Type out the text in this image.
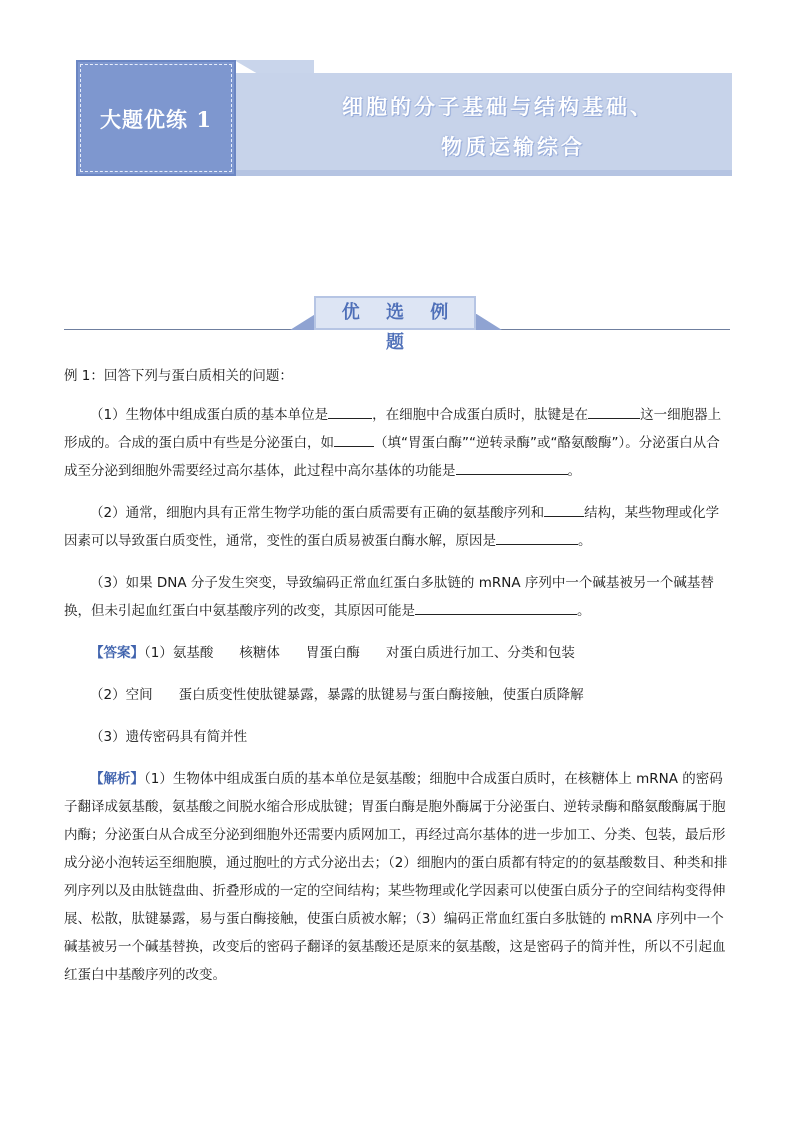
大题优练 1
细胞的分子基础与结构基础、
物质运输综合
优 选 例 题

例 1：回答下列与蛋白质相关的问题：

（1）生物体中组成蛋白质的基本单位是	，在细胞中合成蛋白质时，肽键是在	这一细胞器上形成的。合成的蛋白质中有些是分泌蛋白，如	（填“胃蛋白酶”“逆转录酶”或“酪氨酸酶”）。分泌蛋白从合成至分泌到细胞外需要经过高尔基体，此过程中高尔基体的功能是	。

（2）通常，细胞内具有正常生物学功能的蛋白质需要有正确的氨基酸序列和	结构，某些物理或化学因素可以导致蛋白质变性，通常，变性的蛋白质易被蛋白酶水解，原因是	。

（3）如果 DNA 分子发生突变，导致编码正常血红蛋白多肽链的 mRNA 序列中一个碱基被另一个碱基替换，但未引起血红蛋白中氨基酸序列的改变，其原因可能是	。

【答案】（1）氨基酸 核糖体 胃蛋白酶 对蛋白质进行加工、分类和包装

（2）空间 蛋白质变性使肽键暴露，暴露的肽键易与蛋白酶接触，使蛋白质降解

（3）遗传密码具有简并性

【解析】（1）生物体中组成蛋白质的基本单位是氨基酸；细胞中合成蛋白质时，在核糖体上 mRNA 的密码子翻译成氨基酸，氨基酸之间脱水缩合形成肽键；胃蛋白酶是胞外酶属于分泌蛋白、逆转录酶和酪氨酸酶属于胞内酶；分泌蛋白从合成至分泌到细胞外还需要内质网加工，再经过高尔基体的进一步加工、分类、包装，最后形成分泌小泡转运至细胞膜，通过胞吐的方式分泌出去；（2）细胞内的蛋白质都有特定的的氨基酸数目、种类和排列序列以及由肽链盘曲、折叠形成的一定的空间结构；某些物理或化学因素可以使蛋白质分子的空间结构变得伸展、松散，肽键暴露，易与蛋白酶接触，使蛋白质被水解；（3）编码正常血红蛋白多肽链的 mRNA 序列中一个碱基被另一个碱基替换，改变后的密码子翻译的氨基酸还是原来的氨基酸，这是密码子的简并性，所以不引起血红蛋白中基酸序列的改变。
